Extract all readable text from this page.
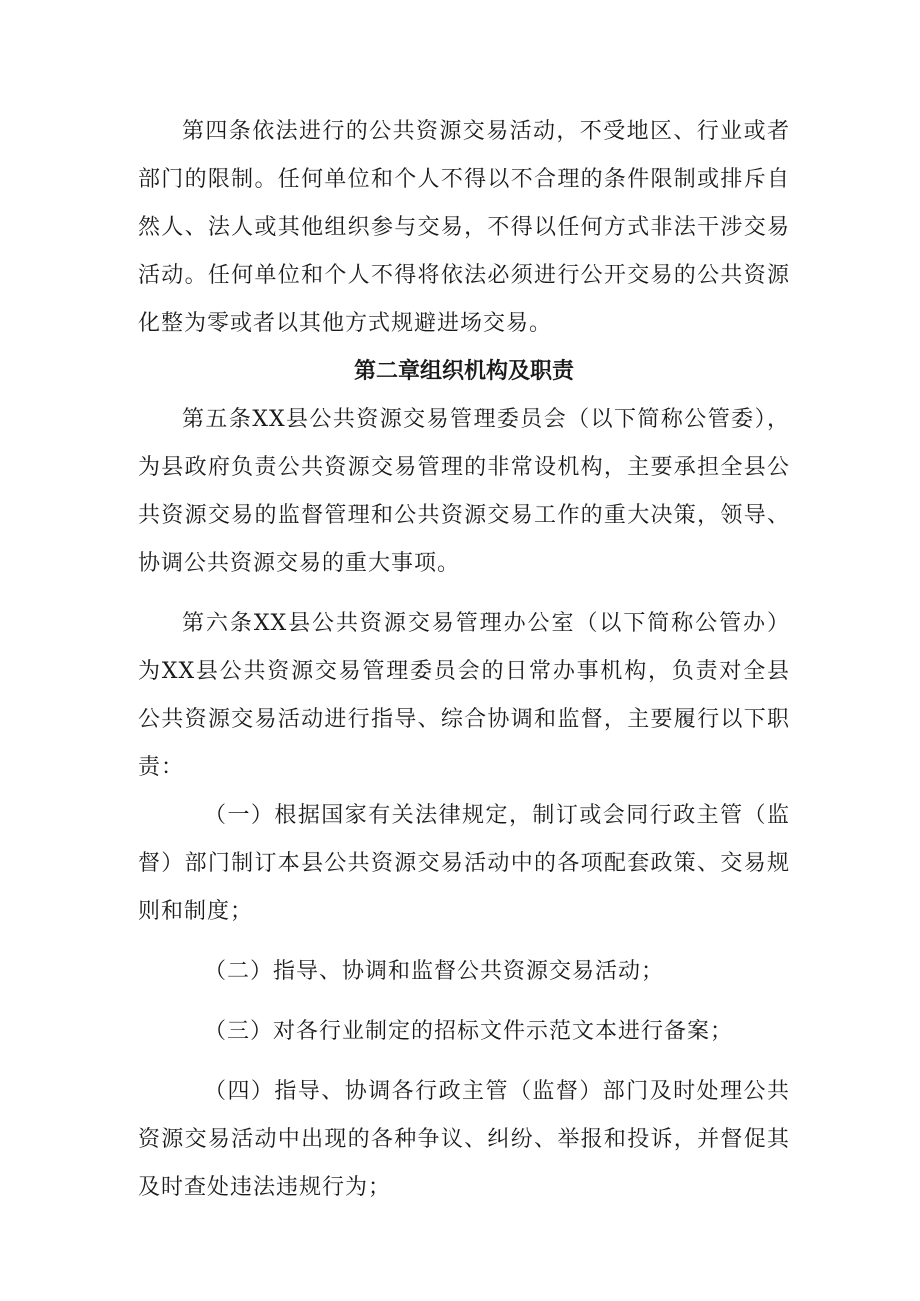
第四条依法进行的公共资源交易活动，不受地区、行业或者部门的限制。任何单位和个人不得以不合理的条件限制或排斥自然人、法人或其他组织参与交易，不得以任何方式非法干涉交易活动。任何单位和个人不得将依法必须进行公开交易的公共资源化整为零或者以其他方式规避进场交易。

第二章组织机构及职责

第五条XX县公共资源交易管理委员会（以下简称公管委），为县政府负责公共资源交易管理的非常设机构，主要承担全县公共资源交易的监督管理和公共资源交易工作的重大决策，领导、协调公共资源交易的重大事项。

第六条XX县公共资源交易管理办公室（以下简称公管办）为XX县公共资源交易管理委员会的日常办事机构，负责对全县公共资源交易活动进行指导、综合协调和监督，主要履行以下职责：

（一）根据国家有关法律规定，制订或会同行政主管（监督）部门制订本县公共资源交易活动中的各项配套政策、交易规则和制度；

（二）指导、协调和监督公共资源交易活动；

（三）对各行业制定的招标文件示范文本进行备案；

（四）指导、协调各行政主管（监督）部门及时处理公共资源交易活动中出现的各种争议、纠纷、举报和投诉，并督促其及时查处违法违规行为；
